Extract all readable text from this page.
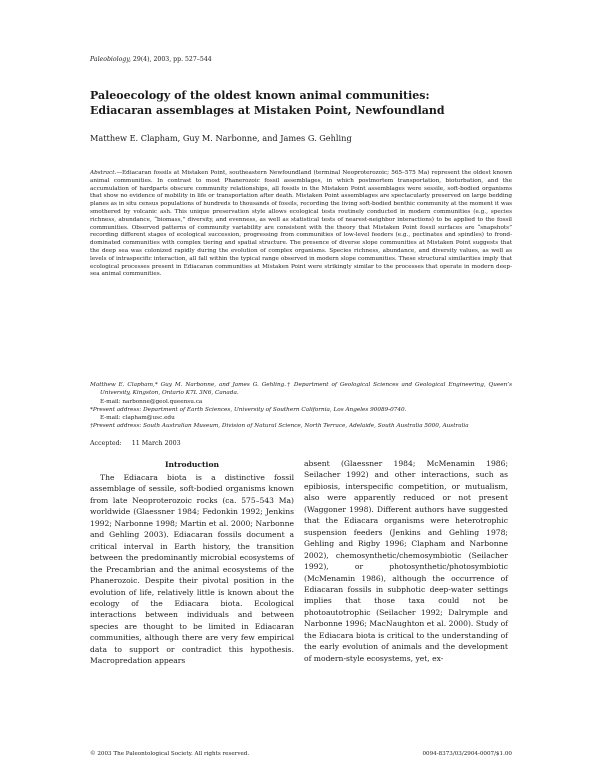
Paleobiology, 29(4), 2003, pp. 527–544
Paleoecology of the oldest known animal communities:
Ediacaran assemblages at Mistaken Point, Newfoundland
Matthew E. Clapham, Guy M. Narbonne, and James G. Gehling

Abstract.—Ediacaran fossils at Mistaken Point, southeastern Newfoundland (terminal Neoproterozoic; 565–575 Ma) represent the oldest known animal communities. In contrast to most Phanerozoic fossil assemblages, in which postmortem transportation, bioturbation, and the accumulation of hardparts obscure community relationships, all fossils in the Mistaken Point assemblages were sessile, soft-bodied organisms that show no evidence of mobility in life or transportation after death. Mistaken Point assemblages are spectacularly preserved on large bedding planes as in situ census populations of hundreds to thousands of fossils, recording the living soft-bodied benthic community at the moment it was smothered by volcanic ash. This unique preservation style allows ecological tests routinely conducted in modern communities (e.g., species richness, abundance, “biomass,” diversity, and evenness, as well as statistical tests of nearest-neighbor interactions) to be applied to the fossil communities. Observed patterns of community variability are consistent with the theory that Mistaken Point fossil surfaces are “snapshots” recording different stages of ecological succession, progressing from communities of low-level feeders (e.g., pectinates and spindles) to frond-dominated communities with complex tiering and spatial structure. The presence of diverse slope communities at Mistaken Point suggests that the deep sea was colonized rapidly during the evolution of complex organisms. Species richness, abundance, and diversity values, as well as levels of intraspecific interaction, all fall within the typical range observed in modern slope communities. These structural similarities imply that ecological processes present in Ediacaran communities at Mistaken Point were strikingly similar to the processes that operate in modern deep-sea animal communities.

Matthew E. Clapham,* Guy M. Narbonne, and James G. Gehling.† Department of Geological Sciences and Geological Engineering, Queen’s University, Kingston, Ontario K7L 3N6, Canada.
E-mail: narbonne@geol.queensu.ca

*Present address: Department of Earth Sciences, University of Southern California, Los Angeles 90089-0740.
E-mail: clapham@usc.edu

†Present address: South Australian Museum, Division of Natural Science, North Terrace, Adelaide, South Australia 5000, Australia

Accepted: 11 March 2003
Introduction

The Ediacara biota is a distinctive fossil assemblage of sessile, soft-bodied organisms known from late Neoproterozoic rocks (ca. 575–543 Ma) worldwide (Glaessner 1984; Fedonkin 1992; Jenkins 1992; Narbonne 1998; Martin et al. 2000; Narbonne and Gehling 2003). Ediacaran fossils document a critical interval in Earth history, the transition between the predominantly microbial ecosystems of the Precambrian and the animal ecosystems of the Phanerozoic. Despite their pivotal position in the evolution of life, relatively little is known about the ecology of the Ediacara biota. Ecological interactions between individuals and between species are thought to be limited in Ediacaran communities, although there are very few empirical data to support or contradict this hypothesis. Macropredation appears

absent (Glaessner 1984; McMenamin 1986; Seilacher 1992) and other interactions, such as epibiosis, interspecific competition, or mutualism, also were apparently reduced or not present (Waggoner 1998). Different authors have suggested that the Ediacara organisms were heterotrophic suspension feeders (Jenkins and Gehling 1978; Gehling and Rigby 1996; Clapham and Narbonne 2002), chemosynthetic/chemosymbiotic (Seilacher 1992), or photosynthetic/photosymbiotic (McMenamin 1986), although the occurrence of Ediacaran fossils in subphotic deep-water settings implies that those taxa could not be photoautotrophic (Seilacher 1992; Dalrymple and Narbonne 1996; MacNaughton et al. 2000). Study of the Ediacara biota is critical to the understanding of the early evolution of animals and the development of modern-style ecosystems, yet, ex-

© 2003 The Paleontological Society. All rights reserved.	0094-8373/03/2904-0007/$1.00
